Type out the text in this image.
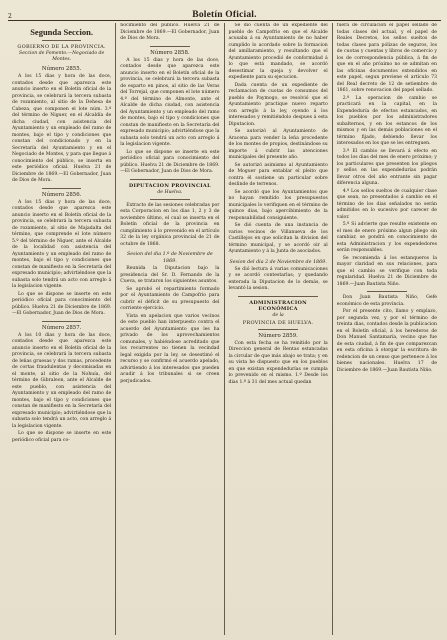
2	Boletín Oficial.
Segunda Seccion.
GOBIERNO DE LA PROVINCIA.
Seccion de Fomento.—Negociado de Montes.
Número 2855.

A los 15 dias y hora de las doce, contados desde que aparezca este anuncio inserto en el Boletín oficial de la provincia, se celebrará la tercera subasta de rozamiento, al sitio de la Dehesa de Cabeza, que componen el lote núm. 3.º del término de Niguer, en el Alcaldía de dicha ciudad, con asistencia del Ayuntamiento y un empleado del ramo de montes, bajo el tipo y condiciones que constan del condicionado y en la Secretaría del Ayuntamiento y en el Negociado de Montes, y para que llegue á conocimiento del público, se inserta en este periódico oficial. Huelva 21 de Diciembre de 1869.—El Gobernador, Juan de Dios de Mora.

Número 2856.

A los 15 dias y hora de las doce, contados desde que aparezca este anuncio inserto en el Boletín oficial de la provincia, se celebrará la tercera subasta de rozamiento, al sitio de Majadalta del término, que comprende el lote número 5.º del término de Niguer, ante el Alcalde de la localidad con asistencia del Ayuntamiento y un empleado del ramo de montes, bajo el tipo y condiciones que constan de manifiesto en la Secretaría del expresado municipio; advirtiéndose que la subasta solo tendrá un acto con arreglo á la legislacion vigente.

Lo que se dispone se inserte en este periódico oficial para conocimiento del público. Huelva 21 de Diciembre de 1869.—El Gobernador, Juan de Dios de Mora.

Número 2857.

A los 10 dias y hora de las doce, contados desde que aparezca este anuncio inserto en el Boletín oficial de la provincia, se celebrará la tercera subasta de leñas gruesas y dos ramas, procedente de cortas fraudulentas y decomisadas en el monte, al sitio de la Nohuía, del término de Gibraleon, ante el Alcalde de este pueblo, con asistencia del Ayuntamiento y un empleado del ramo de montes, bajo el tipo y condiciones que constan de manifiesto en la Secretaría del expresado municipio; advirtiéndose que la subasta solo tendrá un acto, con arreglo á la legislacion vigente.

Lo que se dispone se inserte en este periódico oficial para co-

nocimiento del público. Huelva 21 de Diciembre de 1869.—El Gobernador, Juan de Dios de Mora.

Número 2858.

A los 15 dias y hora de las doce, contados desde que aparezca este anuncio inserto en el Boletín oficial de la provincia, se celebrará la tercera subasta de esparto en pinos, al sitio de las Veras del Torrejal, que componen el lote número 4.º del término de Almonte, ante el Alcalde de dicha ciudad, con asistencia del Ayuntamiento y un empleado del ramo de montes, bajo el tipo y condiciones que constan de manifiesto en la Secretaría del expresado municipio; advirtiéndose que la subasta solo tendrá un acto con arreglo á la legislacion vigente.

Lo que se dispone se inserte en este periódico oficial para conocimiento del público. Huelva 21 de Diciembre de 1869.—El Gobernador, Juan de Dios de Mora.

DIPUTACION PROVINCIAL
de Huelva.

Extracto de las sesiones celebradas por esta Corporacion en los dias 1, 2 y 3 de noviembre último, el cual se inserta en el Boletín oficial de la provincia en cumplimiento á lo prevenido en el artículo 32 de la ley orgánica provincial de 21 de octubre de 1868.

Sesion del dia 1.º de Noviembre de 1869.

Reunida la Diputacion bajo la presidencia del Sr. D. Fernando de la Cueva, se trataron los siguientes asuntos.

Se aprobó el repartimiento formado por el Ayuntamiento de Campofrio para cubrir el déficit de su presupuesto del corriente ejercicio.

Vista en apelacion que varios vecinos de este pueblo han interpuesto contra el acuerdo del Ayuntamiento que les ha privado de los aprovechamientos comunales, y habiéndose acreditado que los recurrentes no tienen la vecindad legal exigida por la ley, se desestimó el recurso y se confirmó el acuerdo apelado, advirtiendo á los interesados que pueden acudir á los tribunales si se creen perjudicados.

Se dió cuenta de un expediente del pueblo de Campofrio en que el Alcalde acusaba á su Ayuntamiento de no haber cumplido lo acordado sobre la formacion del amillaramiento, y resultando que el Ayuntamiento procedió de conformidad á lo que está mandado, se acordó desestimar la queja y devolver el expediente para su ejecucion.

Dada cuenta de un expediente de reclamacion de cuotas de consumos del pueblo de Paymogo, se resolvió que el Ayuntamiento practique nuevo reparto con arreglo á la ley, oyendo á los interesados y remitiéndolo despues á esta Diputacion.

Se autorizó al Ayuntamiento de Aracena para vender la leña procedente de los montes de propios, destinándose su importe á cubrir las atenciones municipales del presente año.

Se autorizó asimismo al Ayuntamiento de Moguer para entablar el pleito que contra él sostiene un particular sobre deslinde de terrenos.

Se acordó que los Ayuntamientos que no hayan remitido los presupuestos municipales lo verifiquen en el término de quince dias, bajo apercibimiento de la responsabilidad consiguiente.

Se dió cuenta de una instancia de varios vecinos de Villanueva de los Castillejos en que solicitan la division del término municipal, y se acordó oir al Ayuntamiento y á la Junta de asociados.

Sesion del dia 2 de Noviembre de 1869.

Se dió lectura á varias comunicaciones y se acordó contestarlas; y quedando enterada la Diputacion de lo demás, se levantó la sesion.

ADMINISTRACION ECONÓMICA
de la
PROVINCIA DE HUELVA.
Número 2859.

Con esta fecha se ha remitido por la Direccion general de Rentas estancadas la circular de que más abajo se trata; y en su vista he dispuesto que en los pueblos en que existan expendedurías se cumpla lo prevenido en el mismo. 1.º Desde los dias 1.º á 31 del mes actual quedan

fuera de circulacion el papel sellado de todas clases del actual, y el papel de Reales Decretos, los sellos sueltos de todas clases para pólizas de seguros, los de cuotas y cuentas y libros de comercio y los de correspondencia pública, á fin de que en el año próximo no se admitan en las oficinas documentos extendidos en este papel, segun previene el artículo 73 del Real decreto de 12 de setiembre de 1861, sobre renovacion del papel sellado.

2.º La operacion de cambio se practicará en la capital, en la Expendeduría de efectos estancados, en los pueblos por los administradores subalternos, y en los estancos de los mismos y en las demás poblaciones en el término fijado, debiendo llevar los interesados en los que se les entreguen.

3.º El cambio se llevará á efecto en todos los dias del mes de enero próximo; y los particulares que presenten los pliegos y sellos en las expendedurías podrán llevar otros del año entrante sin pagar diferencia alguna.

4.º Los sellos sueltos de cualquier clase que sean, no presentados á cambio en el término de los dias señalados no serán admitidos en lo sucesivo por carecer de valor.

5.º Si advierte que resulte existente en el mes de enero próximo algun pliego sin cambiar, se pondrá en conocimiento de esta Administracion y los expendedores serán responsables.

Se recomienda á los estanqueros la mayor claridad en sus relaciones, para que el cambio se verifique con toda regularidad. Huelva 21 de Diciembre de 1869.—Juan Bautista Niño.

Don Juan Bautista Niño, Gefe económico de esta provincia.

Por el presente cito, llamo y emplazo, por segunda vez, y por el término de treinta dias, contados desde la publicacion en el Boletín oficial, á los herederos de Don Manuel Santamaría, vecino que fue de esta ciudad, á fin de que comparezcan en esta oficina á otorgar la escritura de redencion de un censo que pertenece á los bienes nacionales. Huelva 17 de Diciembre de 1869.—Juan Bautista Niño.
